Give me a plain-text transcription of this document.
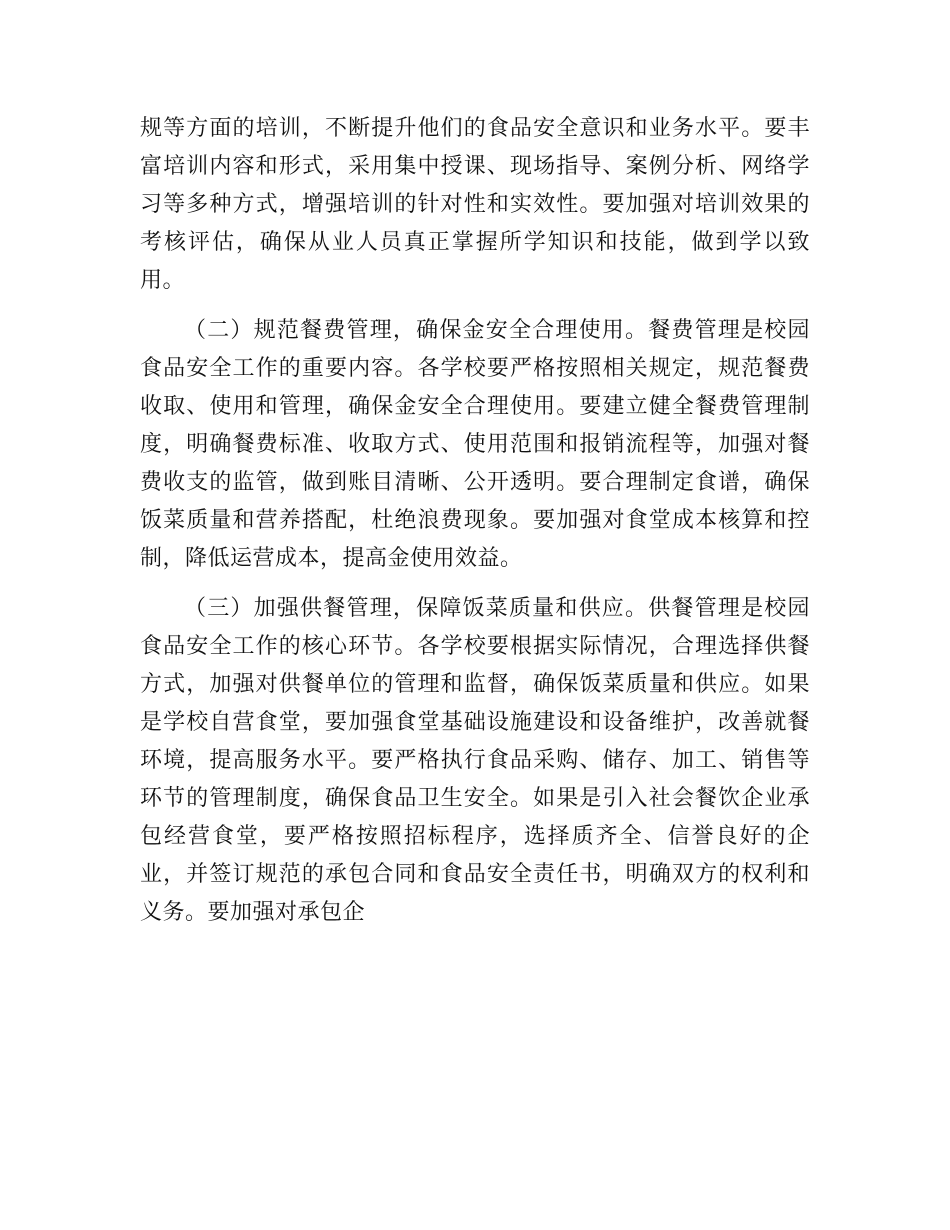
规等方面的培训，不断提升他们的食品安全意识和业务水平。要丰富培训内容和形式，采用集中授课、现场指导、案例分析、网络学习等多种方式，增强培训的针对性和实效性。要加强对培训效果的考核评估，确保从业人员真正掌握所学知识和技能，做到学以致用。

（二）规范餐费管理，确保金安全合理使用。餐费管理是校园食品安全工作的重要内容。各学校要严格按照相关规定，规范餐费收取、使用和管理，确保金安全合理使用。要建立健全餐费管理制度，明确餐费标准、收取方式、使用范围和报销流程等，加强对餐费收支的监管，做到账目清晰、公开透明。要合理制定食谱，确保饭菜质量和营养搭配，杜绝浪费现象。要加强对食堂成本核算和控制，降低运营成本，提高金使用效益。

（三）加强供餐管理，保障饭菜质量和供应。供餐管理是校园食品安全工作的核心环节。各学校要根据实际情况，合理选择供餐方式，加强对供餐单位的管理和监督，确保饭菜质量和供应。如果是学校自营食堂，要加强食堂基础设施建设和设备维护，改善就餐环境，提高服务水平。要严格执行食品采购、储存、加工、销售等环节的管理制度，确保食品卫生安全。如果是引入社会餐饮企业承包经营食堂，要严格按照招标程序，选择质齐全、信誉良好的企业，并签订规范的承包合同和食品安全责任书，明确双方的权利和义务。要加强对承包企
